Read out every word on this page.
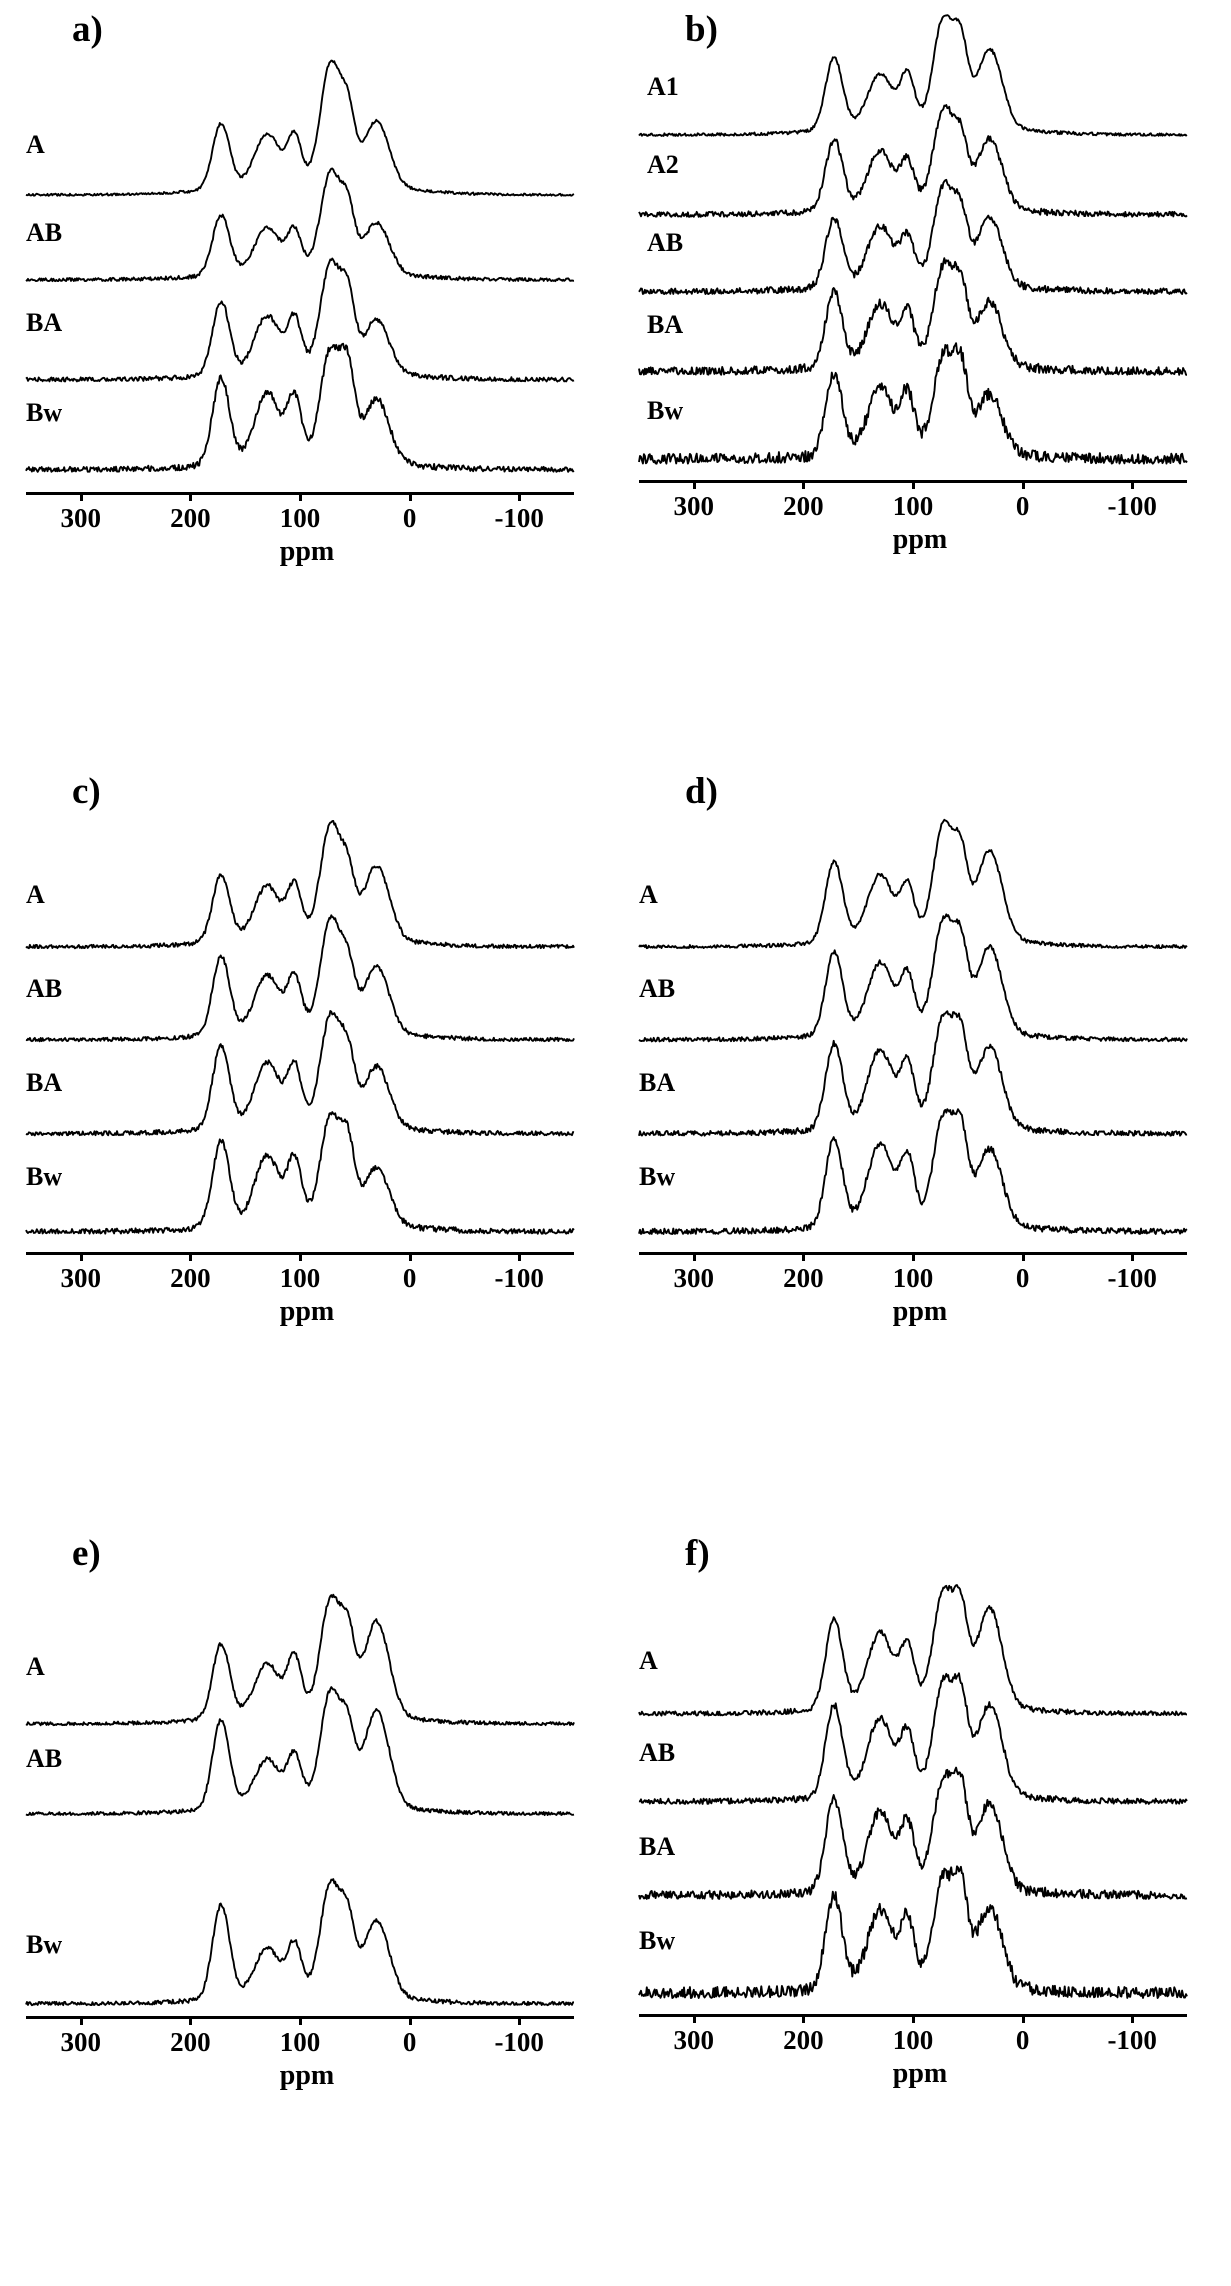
a)
A
AB
BA
Bw
300	200	100	0	-100
ppm
b)
A1
A2
AB
BA
Bw
300	200	100	0	-100
ppm
c)
A
AB
BA
Bw
300	200	100	0	-100
ppm
d)
A
AB
BA
Bw
300	200	100	0	-100
ppm
e)
A
AB
Bw
300	200	100	0	-100
ppm
f)
A
AB
BA
Bw
300	200	100	0	-100
ppm
